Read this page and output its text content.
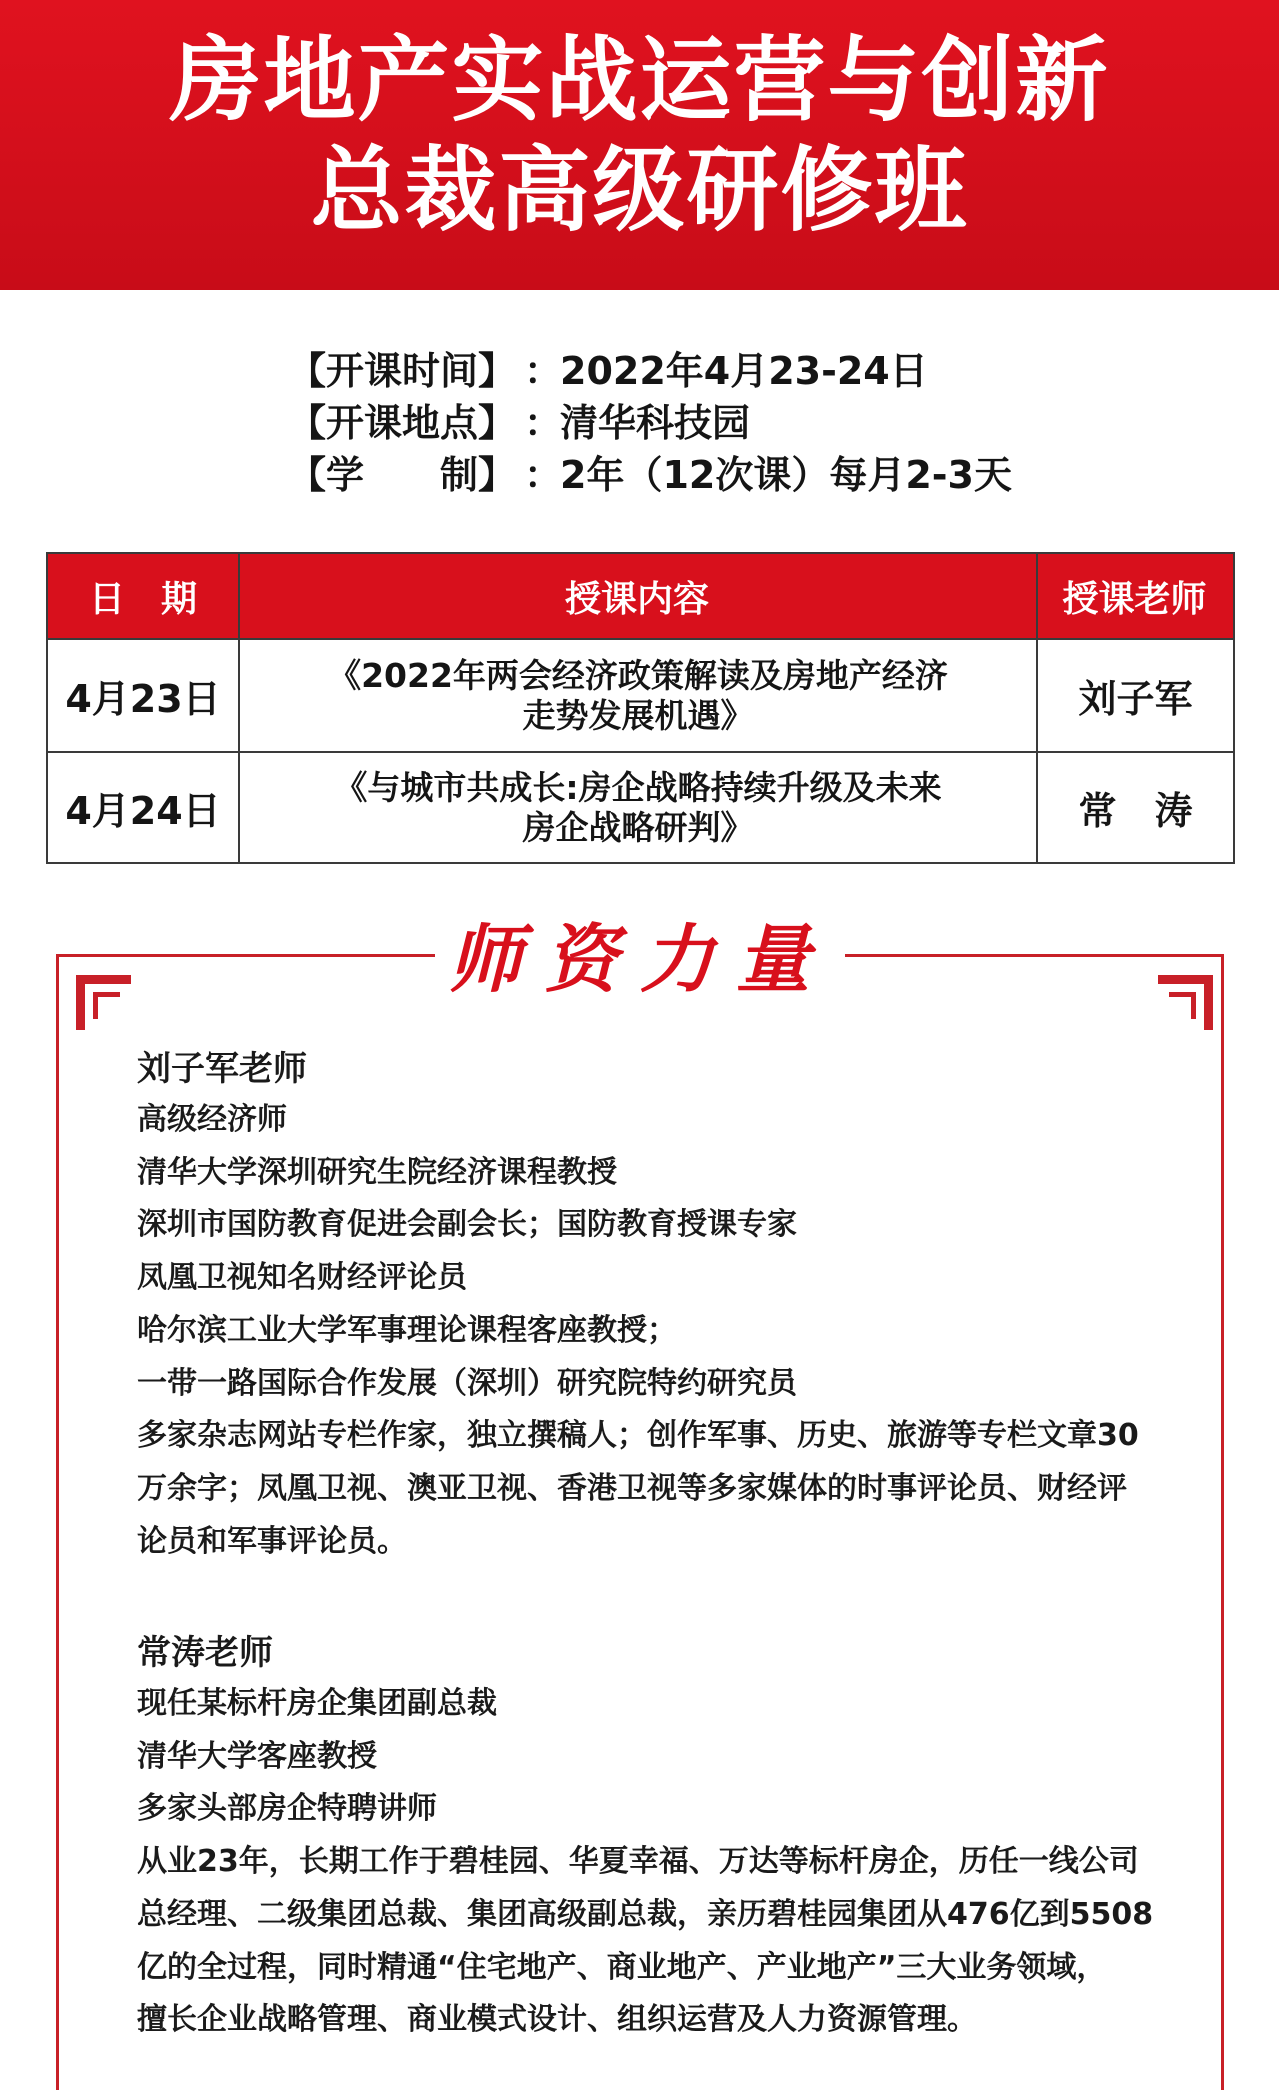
房地产实战运营与创新
总裁高级研修班
【开课时间】 ：2022年4月23-24日
【开课地点】 ：清华科技园
【学　　制】 ：2年（12次课）每月2-3天
日　期	授课内容	授课老师
4月23日
《2022年两会经济政策解读及房地产经济
走势发展机遇》	刘子军
4月24日
《与城市共成长:房企战略持续升级及未来
房企战略研判》	常　涛
师资力量
刘子军老师
高级经济师
清华大学深圳研究生院经济课程教授
深圳市国防教育促进会副会长；国防教育授课专家
凤凰卫视知名财经评论员
哈尔滨工业大学军事理论课程客座教授；
一带一路国际合作发展（深圳）研究院特约研究员
多家杂志网站专栏作家，独立撰稿人；创作军事、历史、旅游等专栏文章30
万余字；凤凰卫视、澳亚卫视、香港卫视等多家媒体的时事评论员、财经评
论员和军事评论员。
常涛老师
现任某标杆房企集团副总裁
清华大学客座教授
多家头部房企特聘讲师
从业23年，长期工作于碧桂园、华夏幸福、万达等标杆房企，历任一线公司
总经理、二级集团总裁、集团高级副总裁，亲历碧桂园集团从476亿到5508
亿的全过程，同时精通“住宅地产、商业地产、产业地产”三大业务领域，
擅长企业战略管理、商业模式设计、组织运营及人力资源管理。
